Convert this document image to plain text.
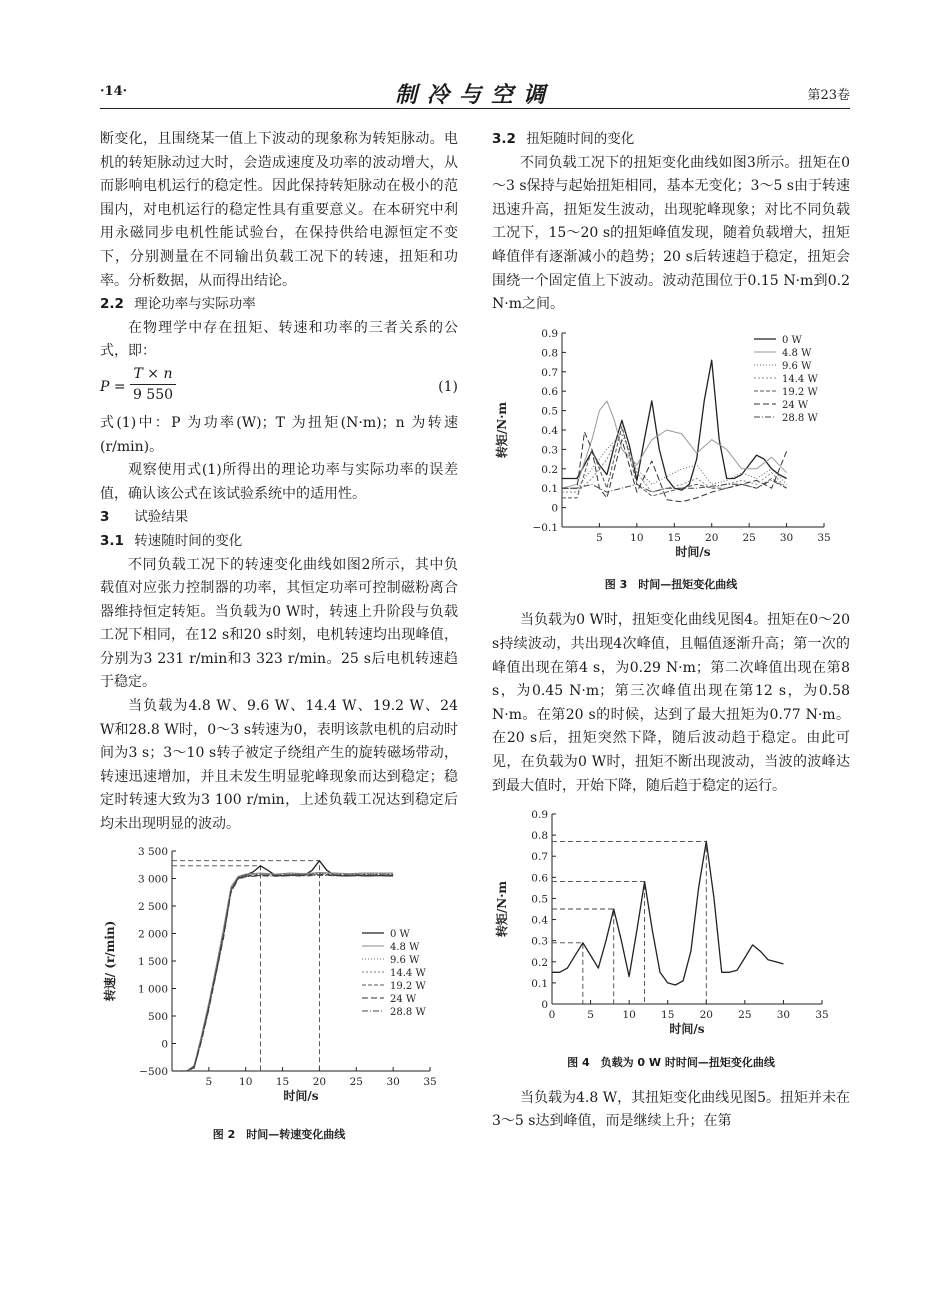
·14·	制冷与空调	第23卷

断变化，且围绕某一值上下波动的现象称为转矩脉动。电机的转矩脉动过大时，会造成速度及功率的波动增大，从而影响电机运行的稳定性。因此保持转矩脉动在极小的范围内，对电机运行的稳定性具有重要意义。在本研究中利用永磁同步电机性能试验台，在保持供给电源恒定不变下，分别测量在不同输出负载工况下的转速，扭矩和功率。分析数据，从而得出结论。

2.2 理论功率与实际功率

在物理学中存在扭矩、转速和功率的三者关系的公式，即：

$P = \frac{T \times n}{9 550}$	(1)

式(1)中：P 为功率(W)；T 为扭矩(N·m)；n 为转速(r/min)。

观察使用式(1)所得出的理论功率与实际功率的误差值，确认该公式在该试验系统中的适用性。

3 试验结果

3.1 转速随时间的变化

不同负载工况下的转速变化曲线如图2所示，其中负载值对应张力控制器的功率，其恒定功率可控制磁粉离合器维持恒定转矩。当负载为0 W时，转速上升阶段与负载工况下相同，在12 s和20 s时刻，电机转速均出现峰值，分别为3 231 r/min和3 323 r/min。25 s后电机转速趋于稳定。

当负载为4.8 W、9.6 W、14.4 W、19.2 W、24 W和28.8 W时，0～3 s转速为0，表明该款电机的启动时间为3 s；3～10 s转子被定子绕组产生的旋转磁场带动，转速迅速增加，并且未发生明显驼峰现象而达到稳定；稳定时转速大致为3 100 r/min，上述负载工况达到稳定后均未出现明显的波动。

−500
0
500
1 000
1 500
2 000
2 500
3 000
3 500
5	10 15 20 25 30 35
时间/s
转速/ (r/min)	0 W
4.8 W
9.6 W
14.4 W
19.2 W
24 W
28.8 W
图 2　时间—转速变化曲线

3.2 扭矩随时间的变化

不同负载工况下的扭矩变化曲线如图3所示。扭矩在0～3 s保持与起始扭矩相同，基本无变化；3～5 s由于转速迅速升高，扭矩发生波动，出现驼峰现象；对比不同负载工况下，15～20 s的扭矩峰值发现，随着负载增大，扭矩峰值伴有逐渐减小的趋势；20 s后转速趋于稳定，扭矩会围绕一个固定值上下波动。波动范围位于0.15 N·m到0.2 N·m之间。

−0.1
0
0.1
0.2
0.3
0.4
0.5
0.6
0.7
0.8
0.9
5	10 15 20 25 30 35
时间/s
转矩/N·m
0 W
4.8 W
9.6 W
14.4 W
19.2 W
24 W
28.8 W
图 3　时间—扭矩变化曲线

当负载为0 W时，扭矩变化曲线见图4。扭矩在0～20 s持续波动，共出现4次峰值，且幅值逐渐升高；第一次的峰值出现在第4 s，为0.29 N·m；第二次峰值出现在第8 s，为0.45 N·m；第三次峰值出现在第12 s，为0.58 N·m。在第20 s的时候，达到了最大扭矩为0.77 N·m。在20 s后，扭矩突然下降，随后波动趋于稳定。由此可见，在负载为0 W时，扭矩不断出现波动，当波的波峰达到最大值时，开始下降，随后趋于稳定的运行。

0
0.1
0.2
0.3
0.4
0.5
0.6
0.7
0.8
0.9
0	5	10 15 20 25 30 35
时间/s
转矩/N·m
图 4　负载为 0 W 时时间—扭矩变化曲线

当负载为4.8 W，其扭矩变化曲线见图5。扭矩并未在3～5 s达到峰值，而是继续上升；在第
